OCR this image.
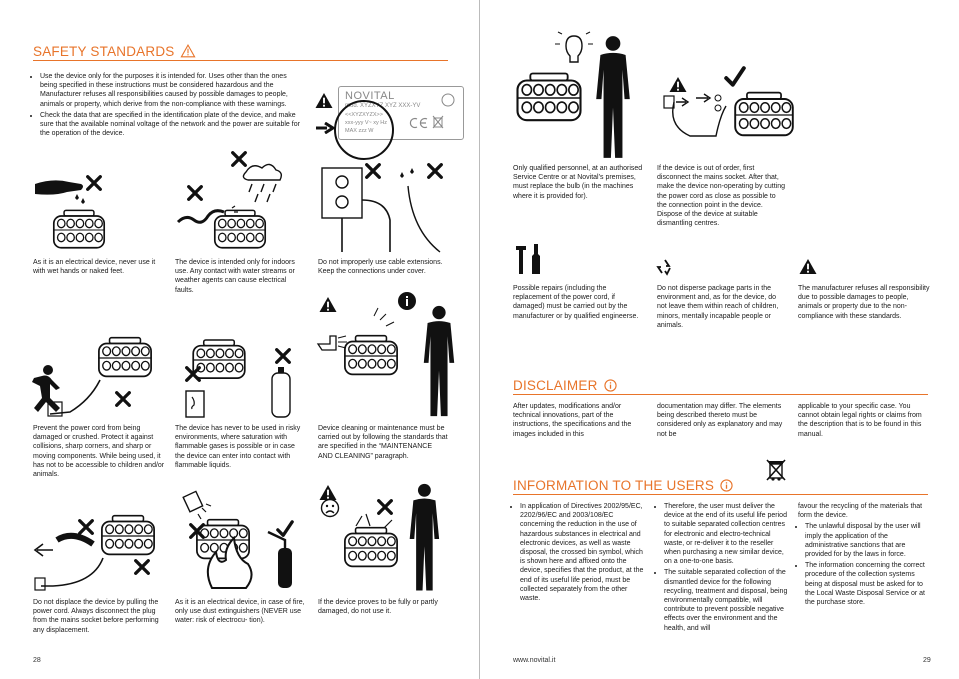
SAFETY STANDARDS
• Use the device only for the purposes it is intended for. Uses other than the ones being specified in these instructions must be considered hazardous and the Manufacturer refuses all responsibilities caused by possible damages to people, animals or property, which derive from the non-compliance with these warnings.
• Check the data that are specified in the identification plate of the device, and make sure that the available nominal voltage of the network and the power are suitable for the operation of the device.
NOVITAL
mod. XYZXYZ XYZ XXX-YV
<<XYZXYZX>>
xxx-yyy V~ xy Hz
MAX zzz W
As it is an electrical device, never use it with wet hands or naked feet.
The device is intended only for indoors use. Any contact with water streams or weather agents can cause electrical faults.
Do not improperly use cable extensions. Keep the connections under cover.
Prevent the power cord from being damaged or crushed. Protect it against collisions, sharp corners, and sharp or moving components. While being used, it has not to be accessible to children and/or animals.
The device has never to be used in risky environments, where saturation with flammable gases is possible or in case the device can enter into contact with flammable liquids.
Device cleaning or maintenance must be carried out by following the standards that are specified in the “MAINTENANCE AND CLEANING” paragraph.
Do not displace the device by pulling the power cord. Always disconnect the plug from the mains socket before performing any displacement.
As it is an electrical device, in case of fire, only use dust extinguishers (NEVER use water: risk of electrocu- tion).
If the device proves to be fully or partly damaged, do not use it.
28
Only qualified personnel, at an authorised Service Centre or at Novital’s premises, must replace the bulb (in the machines where it is provided for).
If the device is out of order, first disconnect the mains socket. After that, make the device non-operating by cutting the power cord as close as possible to the connection point in the device. Dispose of the device at suitable dismantling centres.
Possible repairs (including the replacement of the power cord, if damaged) must be carried out by the manufacturer or by qualified engineerse.
Do not disperse package parts in the environment and, as for the device, do not leave them within reach of children, minors, mentally incapable people or animals.
The manufacturer refuses all responsibility due to possible damages to people, animals or property due to the non-compliance with these standards.
DISCLAIMER
After updates, modifications and/or technical innovations, part of the instructions, the specifications and the images included in this
documentation may differ. The elements being described thereto must be considered only as explanatory and may not be
applicable to your specific case. You cannot obtain legal rights or claims from the description that is to be found in this manual.
INFORMATION TO THE USERS
• In application of Directives 2002/95/EC, 2202/96/EC and 2003/108/EC concerning the reduction in the use of hazardous substances in electrical and electronic devices, as well as waste disposal, the crossed bin symbol, which is shown here and affixed onto the device, specifies that the product, at the end of its useful life period, must be collected separately from the other waste.
• Therefore, the user must deliver the device at the end of its useful life period to suitable separated collection centres for electronic and electro-technical waste, or re-deliver it to the reseller when purchasing a new similar device, on a one-to-one basis.
• The suitable separated collection of the dismantled device for the following recycling, treatment and disposal, being environmentally compatible, will contribute to prevent possible negative effects over the environment and the health, and will
favour the recycling of the materials that form the device.
• The unlawful disposal by the user will imply the application of the administrative sanctions that are provided for by the laws in force.
• The information concerning the correct procedure of the collection systems being at disposal must be asked for to the Local Waste Disposal Service or at the purchase store.
www.novital.it	29
